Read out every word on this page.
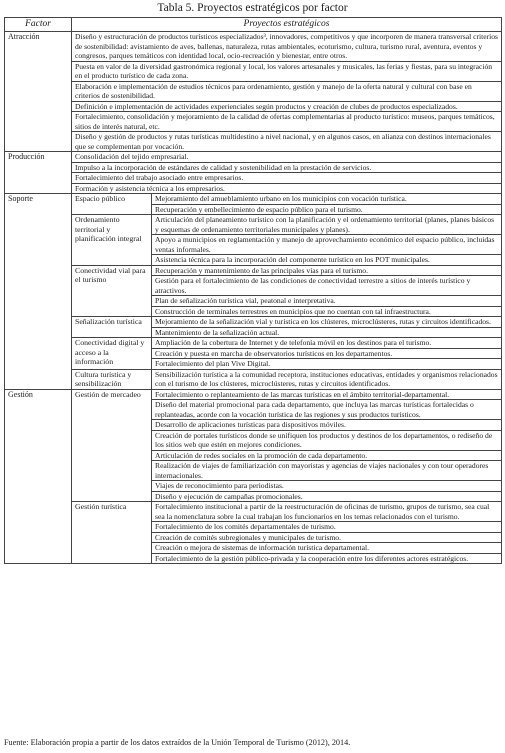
Tabla 5. Proyectos estratégicos por factor
Factor	Proyectos estratégicos	
Atracción	Diseño y estructuración de productos turísticos especializados³, innovadores, competitivos y que incorporen de manera transversal criterios de sostenibilidad: avistamiento de aves, ballenas, naturaleza, rutas ambientales, ecoturismo, cultura, turismo rural, aventura, eventos y congresos, parques temáticos con identidad local, ocio-recreación y bienestar, entre otros.	
	Puesta en valor de la diversidad gastronómica regional y local, los valores artesanales y musicales, las ferias y fiestas, para su integración en el producto turístico de cada zona.	
	Elaboración e implementación de estudios técnicos para ordenamiento, gestión y manejo de la oferta natural y cultural con base en criterios de sostenibilidad.	
	Definición e implementación de actividades experienciales según productos y creación de clubes de productos especializados.	
	Fortalecimiento, consolidación y mejoramiento de la calidad de ofertas complementarias al producto turístico: museos, parques temáticos, sitios de interés natural, etc.	
	Diseño y gestión de productos y rutas turísticas multidestino a nivel nacional, y en algunos casos, en alianza con destinos internacionales que se complementan por vocación.	
Producción	Consolidación del tejido empresarial.	
	Impulso a la incorporación de estándares de calidad y sostenibilidad en la prestación de servicios.	
	Fortalecimiento del trabajo asociado entre empresarios.	
	Formación y asistencia técnica a los empresarios.	
Soporte	Espacio público	Mejoramiento del amueblamiento urbano en los municipios con vocación turística.
		Recuperación y embellecimiento de espacio público para el turismo.
	Ordenamiento territorial y planificación integral	Articulación del planeamiento turístico con la planificación y el ordenamiento territorial (planes, planes básicos y esquemas de ordenamiento territoriales municipales y planes).
		Apoyo a municipios en reglamentación y manejo de aprovechamiento económico del espacio público, incluidas ventas informales.
		Asistencia técnica para la incorporación del componente turístico en los POT municipales.
	Conectividad vial para el turismo	Recuperación y mantenimiento de las principales vías para el turismo.
		Gestión para el fortalecimiento de las condiciones de conectividad terrestre a sitios de interés turístico y atractivos.
		Plan de señalización turística vial, peatonal e interpretativa.
		Construcción de terminales terrestres en municipios que no cuentan con tal infraestructura.
	Señalización turística	Mejoramiento de la señalización vial y turística en los clústeres, microclústeres, rutas y circuitos identificados.
		Mantenimiento de la señalización actual.
	Conectividad digital y acceso a la información	Ampliación de la cobertura de Internet y de telefonía móvil en los destinos para el turismo.
		Creación y puesta en marcha de observatorios turísticos en los departamentos.
		Fortalecimiento del plan Vive Digital.
	Cultura turística y sensibilización	Sensibilización turística a la comunidad receptora, instituciones educativas, entidades y organismos relacionados con el turismo de los clústeres, microclústeres, rutas y circuitos identificados.
Gestión	Gestión de mercadeo	Fortalecimiento o replanteamiento de las marcas turísticas en el ámbito territorial-departamental.
		Diseño del material promocional para cada departamento, que incluya las marcas turísticas fortalecidas o replanteadas, acorde con la vocación turística de las regiones y sus productos turísticos.
		Desarrollo de aplicaciones turísticas para dispositivos móviles.
		Creación de portales turísticos donde se unifiquen los productos y destinos de los departamentos, o rediseño de los sitios web que estén en mejores condiciones.
		Articulación de redes sociales en la promoción de cada departamento.
		Realización de viajes de familiarización con mayoristas y agencias de viajes nacionales y con tour operadores internacionales.
		Viajes de reconocimiento para periodistas.
		Diseño y ejecución de campañas promocionales.
	Gestión turística	Fortalecimiento institucional a partir de la reestructuración de oficinas de turismo, grupos de turismo, sea cual sea la nomenclatura sobre la cual trabajan los funcionarios en los temas relacionados con el turismo.
		Fortalecimiento de los comités departamentales de turismo.
		Creación de comités subregionales y municipales de turismo.
		Creación o mejora de sistemas de información turística departamental.
		Fortalecimiento de la gestión público-privada y la cooperación entre los diferentes actores estratégicos.
Fuente: Elaboración propia a partir de los datos extraídos de la Unión Temporal de Turismo (2012), 2014.
